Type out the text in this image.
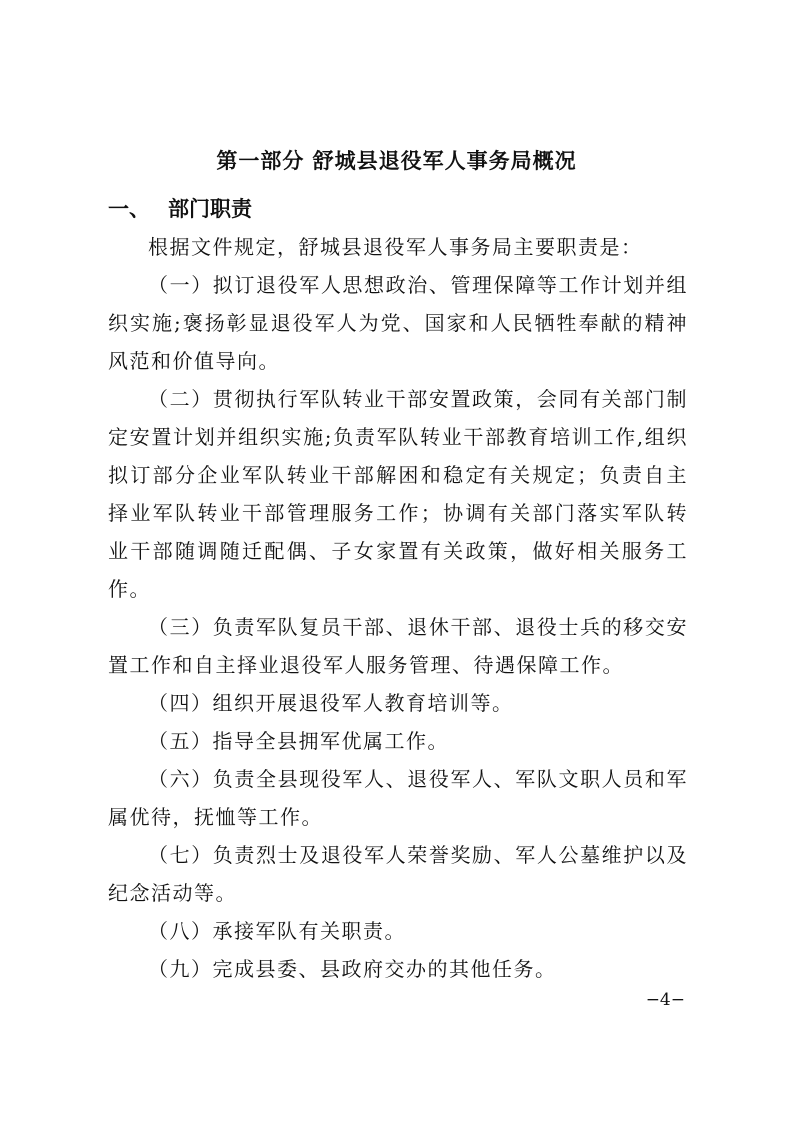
第一部分 舒城县退役军人事务局概况
一、 部门职责

根据文件规定，舒城县退役军人事务局主要职责是：

（一）拟订退役军人思想政治、管理保障等工作计划并组织实施;褒扬彰显退役军人为党、国家和人民牺牲奉献的精神风范和价值导向。

（二）贯彻执行军队转业干部安置政策，会同有关部门制定安置计划并组织实施;负责军队转业干部教育培训工作,组织拟订部分企业军队转业干部解困和稳定有关规定；负责自主择业军队转业干部管理服务工作；协调有关部门落实军队转业干部随调随迁配偶、子女家置有关政策，做好相关服务工作。

（三）负责军队复员干部、退休干部、退役士兵的移交安置工作和自主择业退役军人服务管理、待遇保障工作。

（四）组织开展退役军人教育培训等。

（五）指导全县拥军优属工作。

（六）负责全县现役军人、退役军人、军队文职人员和军属优待，抚恤等工作。

（七）负责烈士及退役军人荣誉奖励、军人公墓维护以及纪念活动等。

（八）承接军队有关职责。

（九）完成县委、县政府交办的其他任务。

−4−
